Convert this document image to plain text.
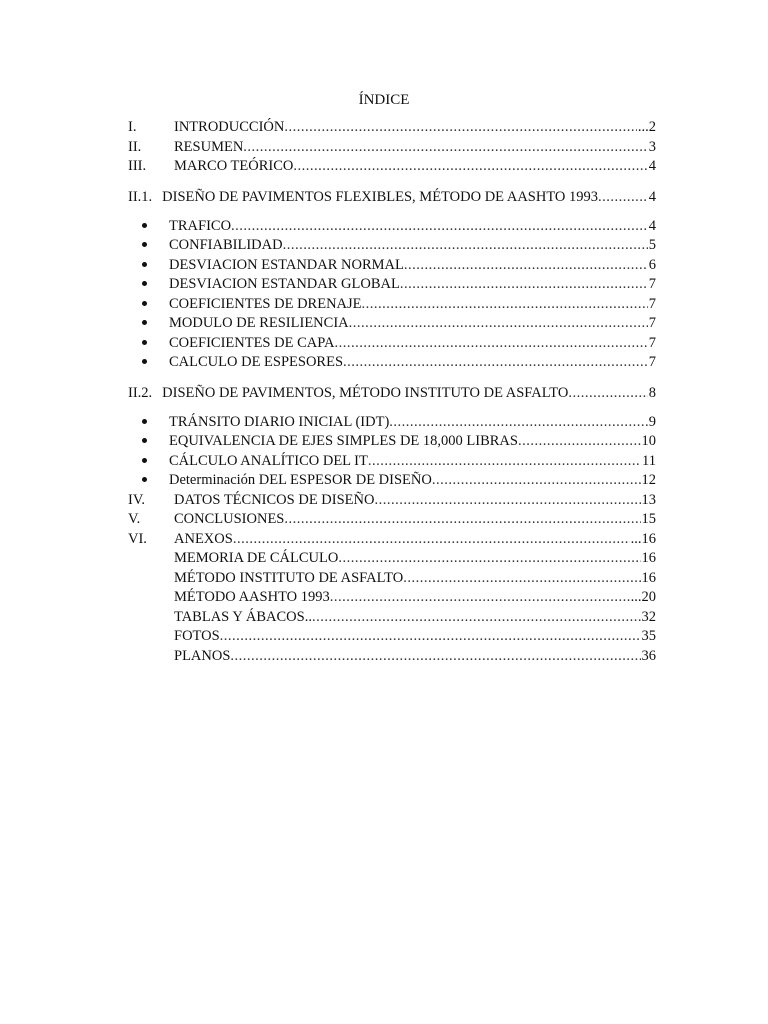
ÍNDICE
I.	INTRODUCCIÓN .....	...2
II.	RESUMEN .....	3
III.	MARCO TEÓRICO .....	4
II.1. DISEÑO DE PAVIMENTOS FLEXIBLES, MÉTODO DE AASHTO 1993 .....	4
TRAFICO .....	4
CONFIABILIDAD .....	5
DESVIACION ESTANDAR NORMAL .....	6
DESVIACION ESTANDAR GLOBAL .....	7
COEFICIENTES DE DRENAJE .....	7
MODULO DE RESILIENCIA .....	7
COEFICIENTES DE CAPA .....	7
CALCULO DE ESPESORES .....	7
II.2. DISEÑO DE PAVIMENTOS, MÉTODO INSTITUTO DE ASFALTO .....	8
TRÁNSITO DIARIO INICIAL (IDT) .....	9
EQUIVALENCIA DE EJES SIMPLES DE 18,000 LIBRAS .....	10
CÁLCULO ANALÍTICO DEL IT .....	11
Determinación DEL ESPESOR DE DISEÑO .....	12
IV.	DATOS TÉCNICOS DE DISEÑO .....	13
V.	CONCLUSIONES .....	15
VI.	ANEXOS .....	...16
MEMORIA DE CÁLCULO .....	16
MÉTODO INSTITUTO DE ASFALTO .....	16
MÉTODO AASHTO 1993 .....	...20
TABLAS Y ÁBACOS.. .....	32
FOTOS .....	35
PLANOS .....	36
